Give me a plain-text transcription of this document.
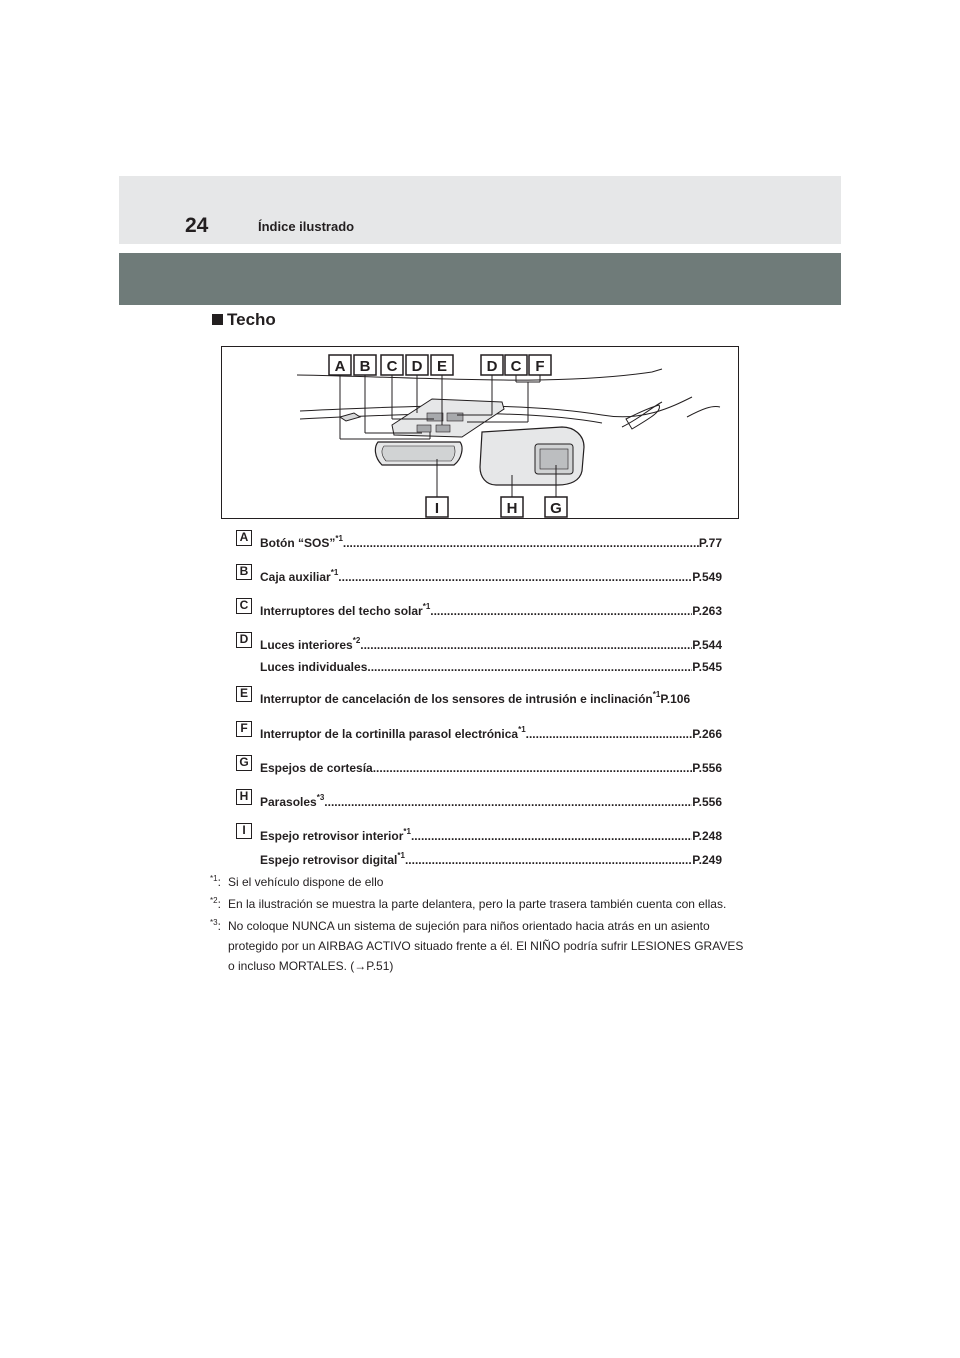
24	Índice ilustrado
Techo
A B C D E	D C F
I	H G
A Botón “SOS”$^{*1}$ .....	P.77
B Caja auxiliar$^{*1}$ .....	P.549
C Interruptores del techo solar$^{*1}$ .....	P.263
D Luces interiores$^{*2}$ .....	P.544
Luces individuales .....	P.545
E	Interruptor de cancelación de los sensores de intrusión e inclinación$^{*1}$ P.106
F	Interruptor de la cortinilla parasol electrónica$^{*1}$ .....	P.266
G Espejos de cortesía .....	P.556
H Parasoles$^{*3}$ .....	P.556
I	Espejo retrovisor interior$^{*1}$ .....	P.248
Espejo retrovisor digital$^{*1}$ .....	P.249
$^{*1}$: Si el vehículo dispone de ello
$^{*2}$: En la ilustración se muestra la parte delantera, pero la parte trasera también cuenta con ellas.
$^{*3}$: No coloque NUNCA un sistema de sujeción para niños orientado hacia atrás en un asiento protegido por un AIRBAG ACTIVO situado frente a él. El NIÑO podría sufrir LESIONES GRAVES o incluso MORTALES. (→P.51)
